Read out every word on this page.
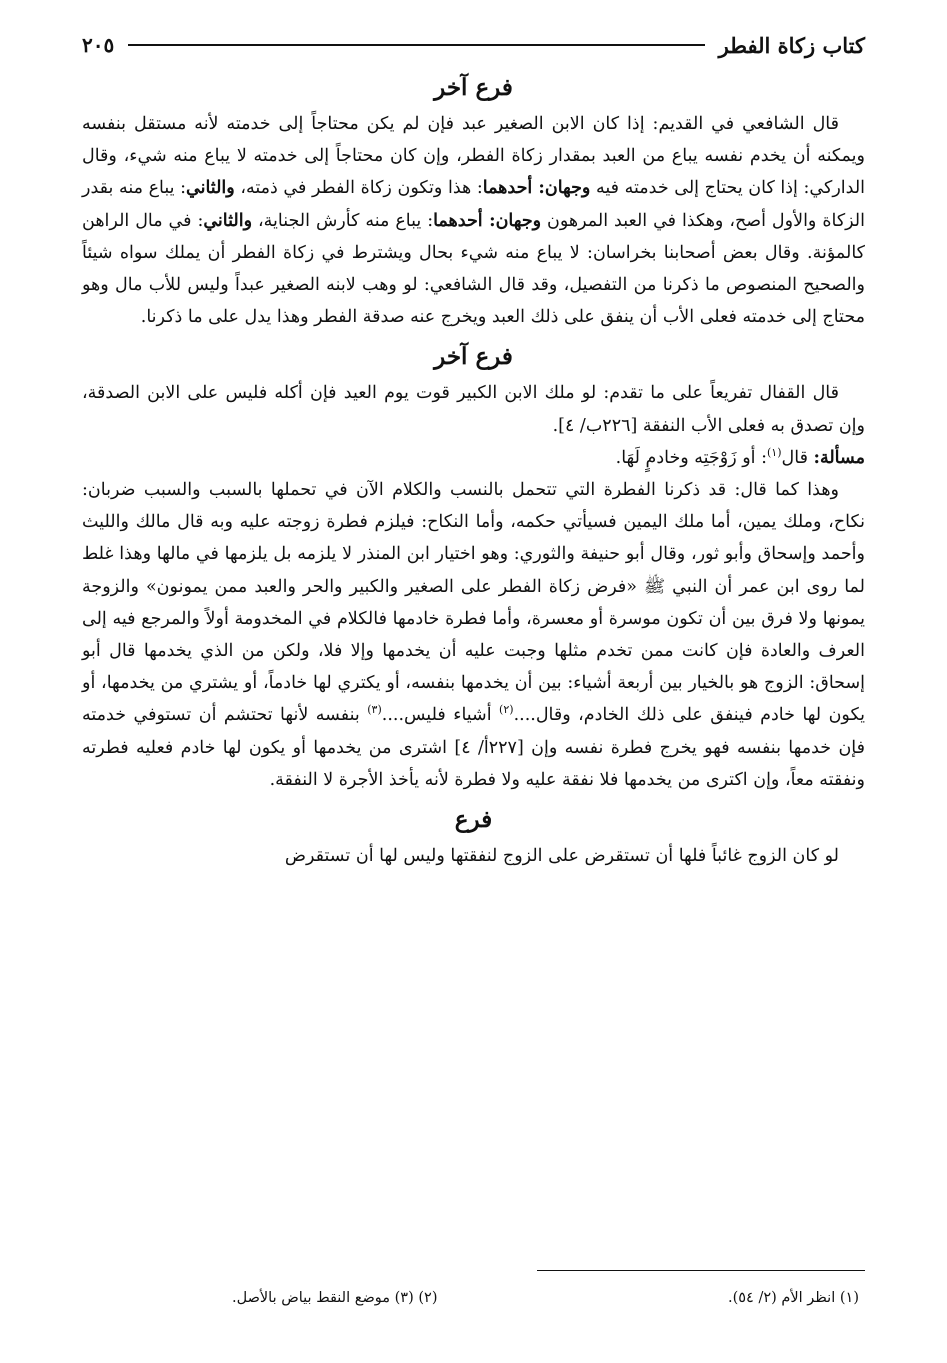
كتاب زكاة الفطر
٢٠٥
فرع آخر

قال الشافعي في القديم: إذا كان الابن الصغير عبد فإن لم يكن محتاجاً إلى خدمته لأنه مستقل بنفسه ويمكنه أن يخدم نفسه يباع من العبد بمقدار زكاة الفطر، وإن كان محتاجاً إلى خدمته لا يباع منه شيء، وقال الداركي: إذا كان يحتاج إلى خدمته فيه وجهان: أحدهما: هذا وتكون زكاة الفطر في ذمته، والثاني: يباع منه بقدر الزكاة والأول أصح، وهكذا في العبد المرهون وجهان: أحدهما: يباع منه كأرش الجناية، والثاني: في مال الراهن كالمؤنة. وقال بعض أصحابنا بخراسان: لا يباع منه شيء بحال ويشترط في زكاة الفطر أن يملك سواه شيئاً والصحيح المنصوص ما ذكرنا من التفصيل، وقد قال الشافعي: لو وهب لابنه الصغير عبداً وليس للأب مال وهو محتاج إلى خدمته فعلى الأب أن ينفق على ذلك العبد ويخرج عنه صدقة الفطر وهذا يدل على ما ذكرنا.

فرع آخر

قال القفال تفريعاً على ما تقدم: لو ملك الابن الكبير قوت يوم العيد فإن أكله فليس على الابن الصدقة، وإن تصدق به فعلى الأب النفقة [٢٢٦ب/ ٤].

مسألة: قال$^{(١)}$: أو زَوْجَتِه وخادمٍ لَهَا.

وهذا كما قال: قد ذكرنا الفطرة التي تتحمل بالنسب والكلام الآن في تحملها بالسبب والسبب ضربان: نكاح، وملك يمين، أما ملك اليمين فسيأتي حكمه، وأما النكاح: فيلزم فطرة زوجته عليه وبه قال مالك والليث وأحمد وإسحاق وأبو ثور، وقال أبو حنيفة والثوري: وهو اختيار ابن المنذر لا يلزمه بل يلزمها في مالها وهذا غلط لما روى ابن عمر أن النبي ﷺ «فرض زكاة الفطر على الصغير والكبير والحر والعبد ممن يمونون» والزوجة يمونها ولا فرق بين أن تكون موسرة أو معسرة، وأما فطرة خادمها فالكلام في المخدومة أولاً والمرجع فيه إلى العرف والعادة فإن كانت ممن تخدم مثلها وجبت عليه أن يخدمها وإلا فلا، ولكن من الذي يخدمها قال أبو إسحاق: الزوج هو بالخيار بين أربعة أشياء: بين أن يخدمها بنفسه، أو يكتري لها خادماً، أو يشتري من يخدمها، أو يكون لها خادم فينفق على ذلك الخادم، وقال....$^{(٢)}$ أشياء فليس....$^{(٣)}$ بنفسه لأنها تحتشم أن تستوفي خدمته فإن خدمها بنفسه فهو يخرج فطرة نفسه وإن [٢٢٧أ/ ٤] اشترى من يخدمها أو يكون لها خادم فعليه فطرته ونفقته معاً، وإن اكترى من يخدمها فلا نفقة عليه ولا فطرة لأنه يأخذ الأجرة لا النفقة.

فرع

لو كان الزوج غائباً فلها أن تستقرض على الزوج لنفقتها وليس لها أن تستقرض

(١) انظر الأم (٢/ ٥٤).
(٢) (٣) موضع النقط بياض بالأصل.
